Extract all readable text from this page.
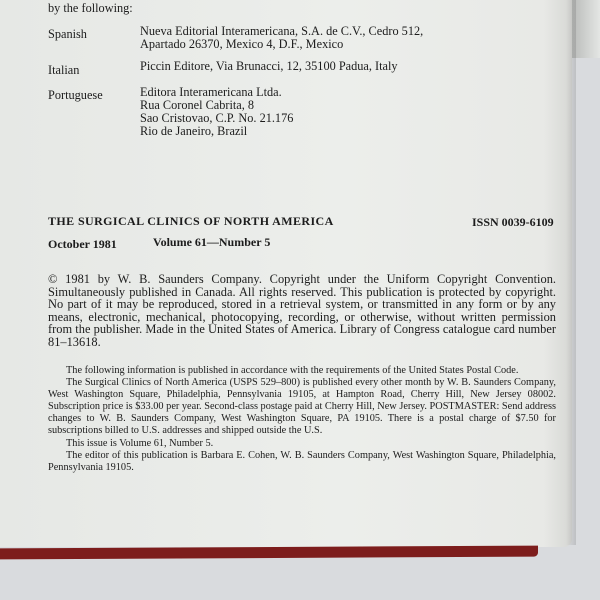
by the following:
Spanish	Nueva Editorial Interamericana, S.A. de C.V., Cedro 512,
Apartado 26370, Mexico 4, D.F., Mexico
Italian	Piccin Editore, Via Brunacci, 12, 35100 Padua, Italy
Portuguese	Editora Interamericana Ltda.
Rua Coronel Cabrita, 8
Sao Cristovao, C.P. No. 21.176
Rio de Janeiro, Brazil
THE SURGICAL CLINICS OF NORTH AMERICA	ISSN 0039-6109
October 1981	Volume 61—Number 5

© 1981 by W. B. Saunders Company. Copyright under the Uniform Copyright Convention. Simultaneously published in Canada. All rights reserved. This publication is protected by copyright. No part of it may be reproduced, stored in a retrieval system, or transmitted in any form or by any means, electronic, mechanical, photocopying, recording, or otherwise, without written permission from the publisher. Made in the United States of America. Library of Congress catalogue card number 81–13618.

The following information is published in accordance with the requirements of the United States Postal Code.

The Surgical Clinics of North America (USPS 529–800) is published every other month by W. B. Saunders Company, West Washington Square, Philadelphia, Pennsylvania 19105, at Hampton Road, Cherry Hill, New Jersey 08002. Subscription price is $33.00 per year. Second-class postage paid at Cherry Hill, New Jersey. POSTMASTER: Send address changes to W. B. Saunders Company, West Washington Square, PA 19105. There is a postal charge of $7.50 for subscriptions billed to U.S. addresses and shipped outside the U.S.

This issue is Volume 61, Number 5.

The editor of this publication is Barbara E. Cohen, W. B. Saunders Company, West Washington Square, Philadelphia, Pennsylvania 19105.
